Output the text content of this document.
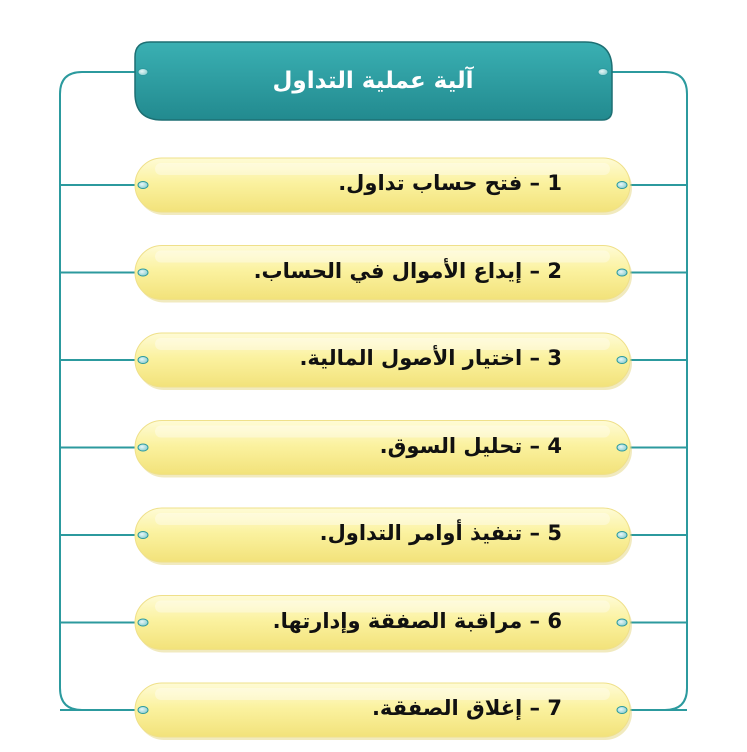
آلية عملية التداول
1 – فتح حساب تداول.
2 – إيداع الأموال في الحساب.
3 – اختيار الأصول المالية.
4 – تحليل السوق.
5 – تنفيذ أوامر التداول.
6 – مراقبة الصفقة وإدارتها.
7 – إغلاق الصفقة.
